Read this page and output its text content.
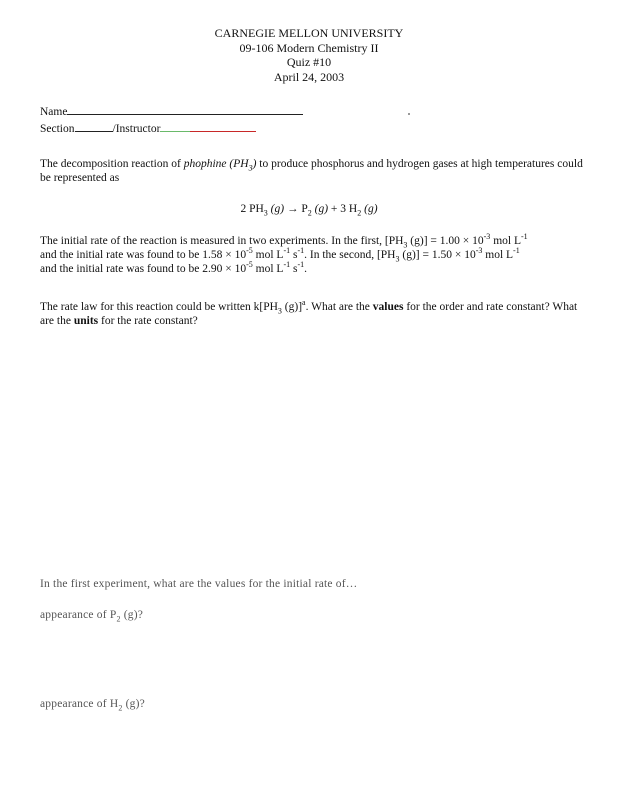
CARNEGIE MELLON UNIVERSITY
09-106 Modern Chemistry II
Quiz #10
April 24, 2003
Name
Section	/Instructor
The decomposition reaction of phophine $(PH_3)$ to produce phosphorus and hydrogen gases at high temperatures could be represented as
2 $PH_3$ $(g) \to P_2$ (g) + 3 $H_2$ (g)
The initial rate of the reaction is measured in two experiments. In the first, [$PH_3$ $(g)] = 1.00 \times 10^{-3}$ mol $L^{-1}$
and the initial rate was found to be $1.58 \times 10^{-5}$ mol $L^{-1}$ $s^{-1}$. In the second, [$PH_3$ $(g)] = 1.50 \times 10^{-3}$ mol $L^{-1}$
and the initial rate was found to be $2.90 \times 10^{-5}$ mol $L^{-1}$ $s^{-1}$.
The rate law for this reaction could be written $k[PH_3$ (g)]$^a$. What are the values for the order and rate constant? What are the units for the rate constant?
In the first experiment, what are the values for the initial rate of…
appearance of $P_2$ (g)?
appearance of $H_2$ (g)?
